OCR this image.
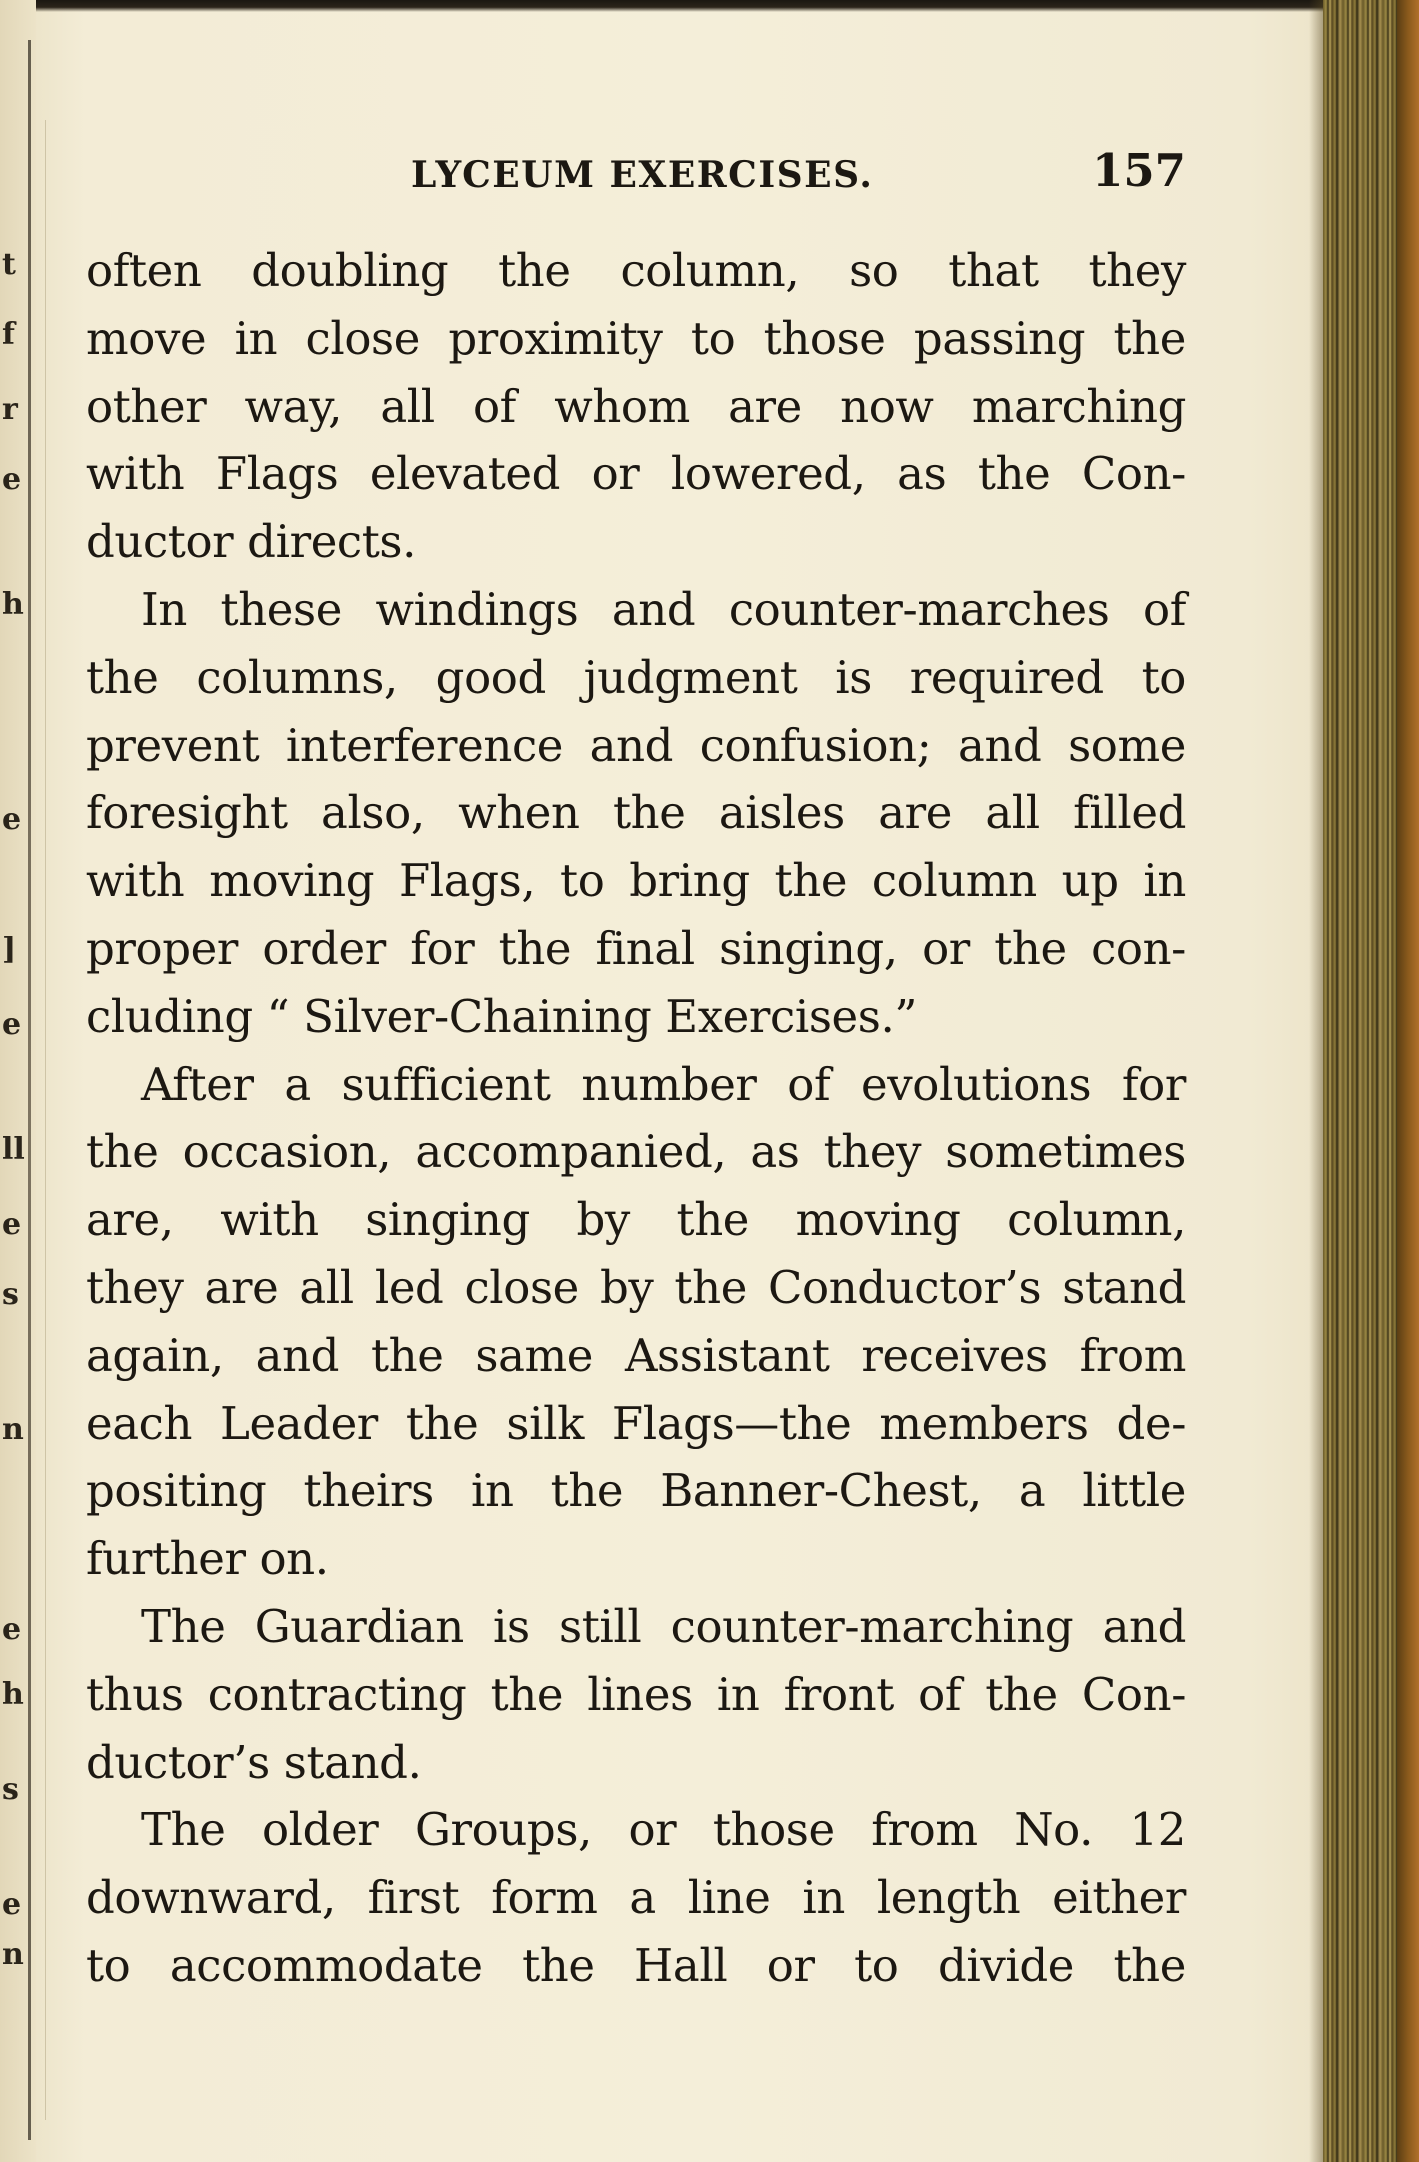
t
f
r
e
h
e
]
e
ll
e
s
n
e
h
s
e
n
LYCEUM EXERCISES.	157
often doubling the column, so that they
move in close proximity to those passing the
other way, all of whom are now marching
with Flags elevated or lowered, as the Con-
ductor directs.
In these windings and counter-marches of
the columns, good judgment is required to
prevent interference and confusion; and some
foresight also, when the aisles are all filled
with moving Flags, to bring the column up in
proper order for the final singing, or the con-
cluding “ Silver-Chaining Exercises.”
After a sufficient number of evolutions for
the occasion, accompanied, as they sometimes
are, with singing by the moving column,
they are all led close by the Conductor’s stand
again, and the same Assistant receives from
each Leader the silk Flags—the members de-
positing theirs in the Banner-Chest, a little
further on.
The Guardian is still counter-marching and
thus contracting the lines in front of the Con-
ductor’s stand.
The older Groups, or those from No. 12
downward, first form a line in length either
to accommodate the Hall or to divide the
